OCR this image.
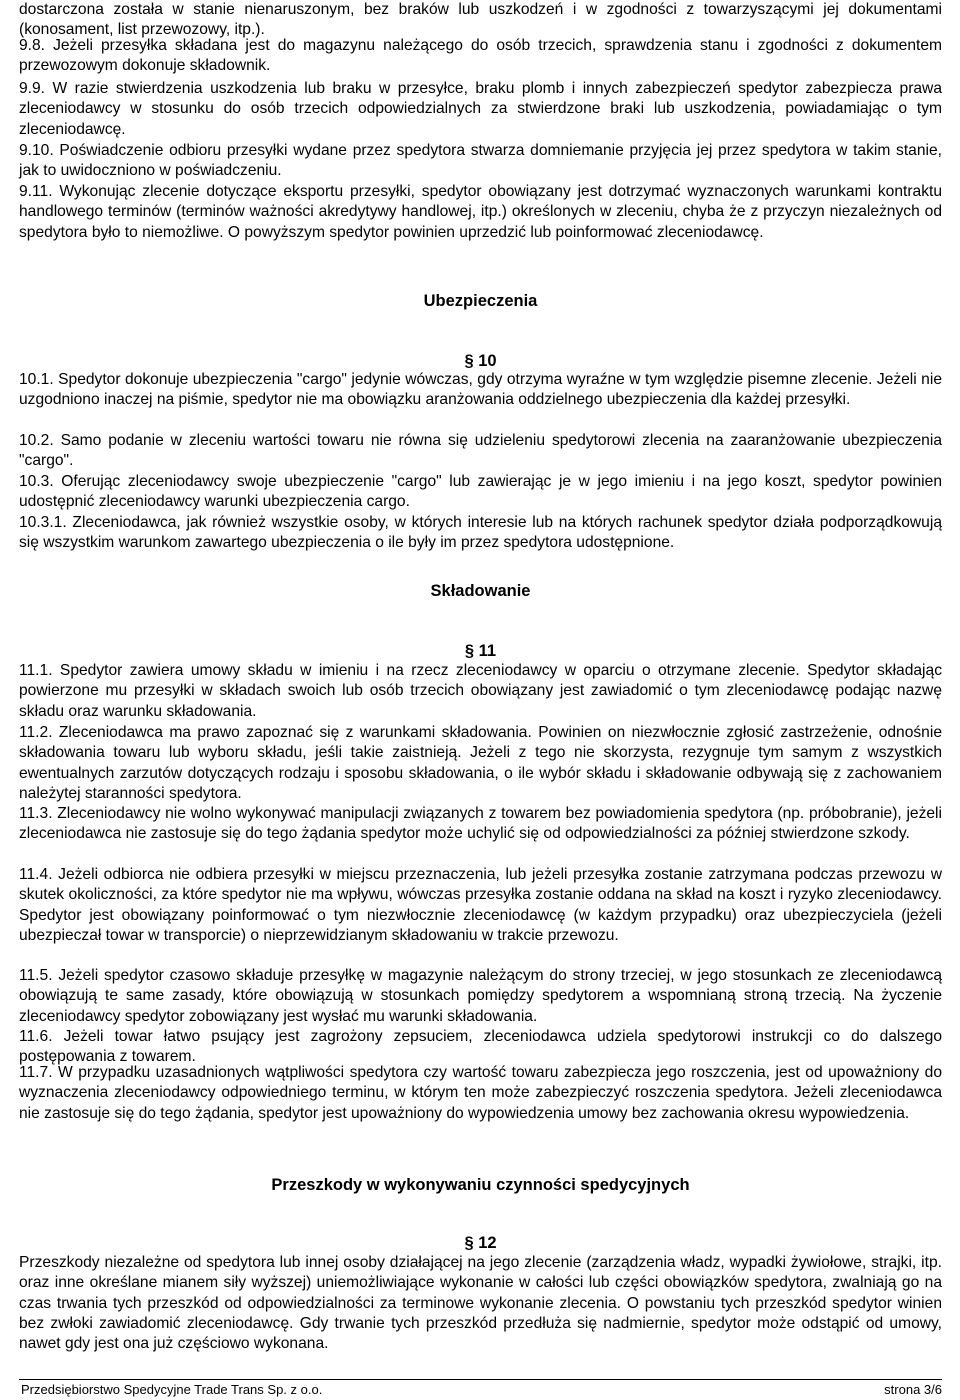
dostarczona została w stanie nienaruszonym, bez braków lub uszkodzeń i w zgodności z towarzyszącymi jej dokumentami (konosament, list przewozowy, itp.).
9.8. Jeżeli przesyłka składana jest do magazynu należącego do osób trzecich, sprawdzenia stanu i zgodności z dokumentem przewozowym dokonuje składownik.
9.9. W razie stwierdzenia uszkodzenia lub braku w przesyłce, braku plomb i innych zabezpieczeń spedytor zabezpiecza prawa zleceniodawcy w stosunku do osób trzecich odpowiedzialnych za stwierdzone braki lub uszkodzenia, powiadamiając o tym zleceniodawcę.
9.10. Poświadczenie odbioru przesyłki wydane przez spedytora stwarza domniemanie przyjęcia jej przez spedytora w takim stanie, jak to uwidoczniono w poświadczeniu.
9.11. Wykonując zlecenie dotyczące eksportu przesyłki, spedytor obowiązany jest dotrzymać wyznaczonych warunkami kontraktu handlowego terminów (terminów ważności akredytywy handlowej, itp.) określonych w zleceniu, chyba że z przyczyn niezależnych od spedytora było to niemożliwe. O powyższym spedytor powinien uprzedzić lub poinformować zleceniodawcę.
Ubezpieczenia
§ 10
10.1. Spedytor dokonuje ubezpieczenia "cargo" jedynie wówczas, gdy otrzyma wyraźne w tym względzie pisemne zlecenie. Jeżeli nie uzgodniono inaczej na piśmie, spedytor nie ma obowiązku aranżowania oddzielnego ubezpieczenia dla każdej przesyłki.
10.2. Samo podanie w zleceniu wartości towaru nie równa się udzieleniu spedytorowi zlecenia na zaaranżowanie ubezpieczenia "cargo".
10.3. Oferując zleceniodawcy swoje ubezpieczenie "cargo" lub zawierając je w jego imieniu i na jego koszt, spedytor powinien udostępnić zleceniodawcy warunki ubezpieczenia cargo.
10.3.1. Zleceniodawca, jak również wszystkie osoby, w których interesie lub na których rachunek spedytor działa podporządkowują się wszystkim warunkom zawartego ubezpieczenia o ile były im przez spedytora udostępnione.
Składowanie
§ 11
11.1. Spedytor zawiera umowy składu w imieniu i na rzecz zleceniodawcy w oparciu o otrzymane zlecenie. Spedytor składając powierzone mu przesyłki w składach swoich lub osób trzecich obowiązany jest zawiadomić o tym zleceniodawcę podając nazwę składu oraz warunku składowania.
11.2. Zleceniodawca ma prawo zapoznać się z warunkami składowania. Powinien on niezwłocznie zgłosić zastrzeżenie, odnośnie składowania towaru lub wyboru składu, jeśli takie zaistnieją. Jeżeli z tego nie skorzysta, rezygnuje tym samym z wszystkich ewentualnych zarzutów dotyczących rodzaju i sposobu składowania, o ile wybór składu i składowanie odbywają się z zachowaniem należytej staranności spedytora.
11.3. Zleceniodawcy nie wolno wykonywać manipulacji związanych z towarem bez powiadomienia spedytora (np. próbobranie), jeżeli zleceniodawca nie zastosuje się do tego żądania spedytor może uchylić się od odpowiedzialności za później stwierdzone szkody.
11.4. Jeżeli odbiorca nie odbiera przesyłki w miejscu przeznaczenia, lub jeżeli przesyłka zostanie zatrzymana podczas przewozu w skutek okoliczności, za które spedytor nie ma wpływu, wówczas przesyłka zostanie oddana na skład na koszt i ryzyko zleceniodawcy. Spedytor jest obowiązany poinformować o tym niezwłocznie zleceniodawcę (w każdym przypadku) oraz ubezpieczyciela (jeżeli ubezpieczał towar w transporcie) o nieprzewidzianym składowaniu w trakcie przewozu.
11.5. Jeżeli spedytor czasowo składuje przesyłkę w magazynie należącym do strony trzeciej, w jego stosunkach ze zleceniodawcą obowiązują te same zasady, które obowiązują w stosunkach pomiędzy spedytorem a wspomnianą stroną trzecią. Na życzenie zleceniodawcy spedytor zobowiązany jest wysłać mu warunki składowania.
11.6. Jeżeli towar łatwo psujący jest zagrożony zepsuciem, zleceniodawca udziela spedytorowi instrukcji co do dalszego postępowania z towarem.
11.7. W przypadku uzasadnionych wątpliwości spedytora czy wartość towaru zabezpiecza jego roszczenia, jest od upoważniony do wyznaczenia zleceniodawcy odpowiedniego terminu, w którym ten może zabezpieczyć roszczenia spedytora. Jeżeli zleceniodawca nie zastosuje się do tego żądania, spedytor jest upoważniony do wypowiedzenia umowy bez zachowania okresu wypowiedzenia.
Przeszkody w wykonywaniu czynności spedycyjnych
§ 12
Przeszkody niezależne od spedytora lub innej osoby działającej na jego zlecenie (zarządzenia władz, wypadki żywiołowe, strajki, itp. oraz inne określane mianem siły wyższej) uniemożliwiające wykonanie w całości lub części obowiązków spedytora, zwalniają go na czas trwania tych przeszkód od odpowiedzialności za terminowe wykonanie zlecenia. O powstaniu tych przeszkód spedytor winien bez zwłoki zawiadomić zleceniodawcę. Gdy trwanie tych przeszkód przedłuża się nadmiernie, spedytor może odstąpić od umowy, nawet gdy jest ona już częściowo wykonana.
Przedsiębiorstwo Spedycyjne Trade Trans Sp. z o.o.	strona 3/6
